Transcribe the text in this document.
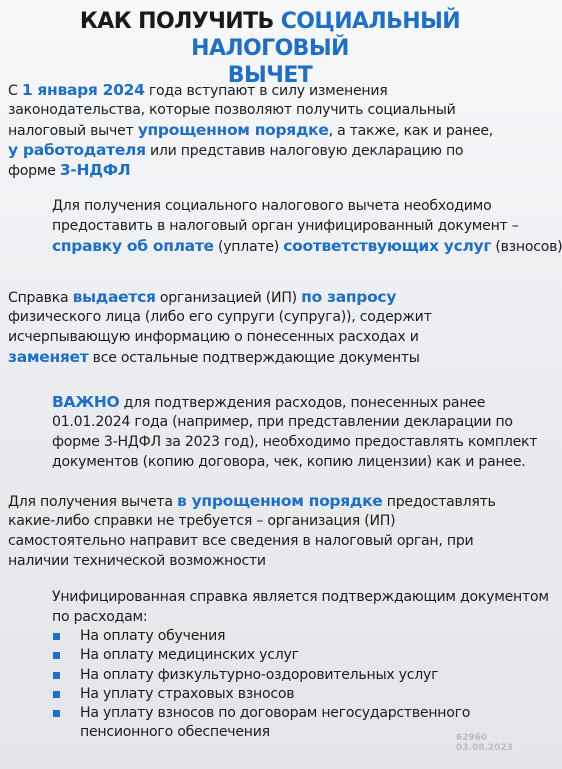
КАК ПОЛУЧИТЬ СОЦИАЛЬНЫЙ НАЛОГОВЫЙ
ВЫЧЕТ
С 1 января 2024 года вступают в силу изменения
законодательства, которые позволяют получить социальный
налоговый вычет упрощенном порядке, а также, как и ранее,
у работодателя или представив налоговую декларацию по
форме 3-НДФЛ
Для получения социального налогового вычета необходимо
предоставить в налоговый орган унифицированный документ –
справку об оплате (уплате) соответствующих услуг (взносов)
Справка выдается организацией (ИП) по запросу
физического лица (либо его супруги (супруга)), содержит
исчерпывающую информацию о понесенных расходах и
заменяет все остальные подтверждающие документы
ВАЖНО для подтверждения расходов, понесенных ранее
01.01.2024 года (например, при представлении декларации по
форме 3-НДФЛ за 2023 год), необходимо предоставлять комплект
документов (копию договора, чек, копию лицензии) как и ранее.
Для получения вычета в упрощенном порядке предоставлять
какие-либо справки не требуется – организация (ИП)
самостоятельно направит все сведения в налоговый орган, при
наличии технической возможности
Унифицированная справка является подтверждающим документом
по расходам:
На оплату обучения
На оплату медицинских услуг
На оплату физкультурно-оздоровительных услуг
На уплату страховых взносов
На уплату взносов по договорам негосударственного
пенсионного обеспечения	62960
03.08.2023
